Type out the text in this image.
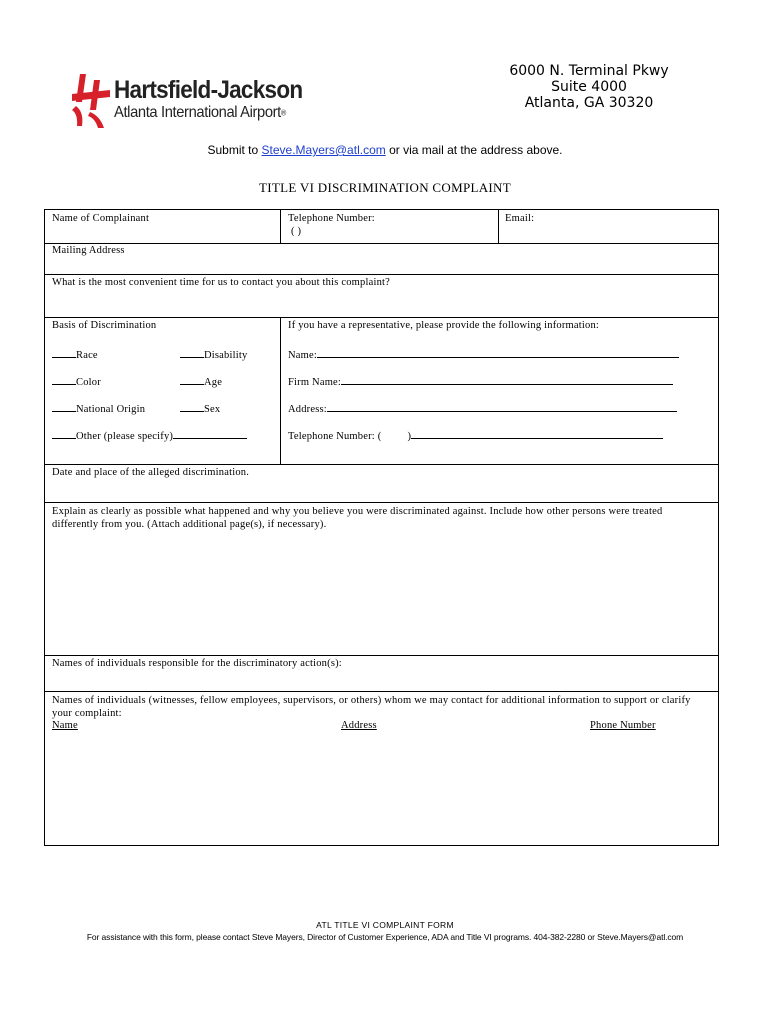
Hartsfield-Jackson
Atlanta International Airport®
6000 N. Terminal Pkwy
Suite 4000
Atlanta, GA 30320
Submit to Steve.Mayers@atl.com or via mail at the address above.
TITLE VI DISCRIMINATION COMPLAINT
Name of Complainant	Telephone Number:
( )
Email:
Mailing Address
What is the most convenient time for us to contact you about this complaint?
Basis of Discrimination
Race	Disability
Color	Age
National Origin	Sex
Other (please specify)
If you have a representative, please provide the following information:
Name:
Firm Name:
Address:
Telephone Number: ( )
Date and place of the alleged discrimination.
Explain as clearly as possible what happened and why you believe you were discriminated against. Include how other persons were treated differently from you. (Attach additional page(s), if necessary).
Names of individuals responsible for the discriminatory action(s):
Names of individuals (witnesses, fellow employees, supervisors, or others) whom we may contact for additional information to support or clarify your complaint:
Name	Address	Phone Number
ATL TITLE VI COMPLAINT FORM
For assistance with this form, please contact Steve Mayers, Director of Customer Experience, ADA and Title VI programs. 404-382-2280 or Steve.Mayers@atl.com
